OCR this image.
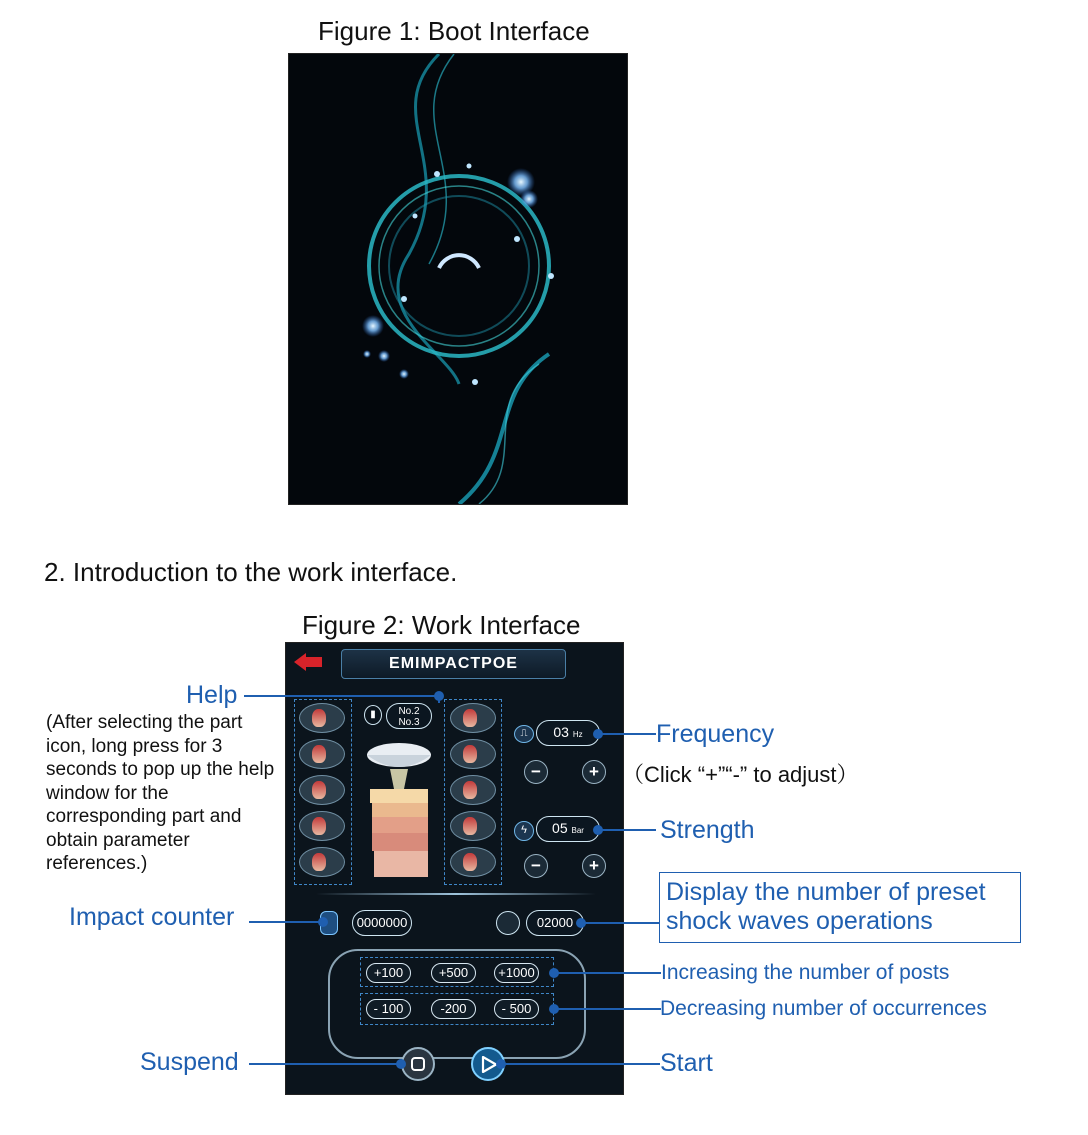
Figure 1: Boot Interface
2. Introduction to the work interface.
Figure 2: Work Interface
EMIMPACTPOE
▮	No.2
No.3
⎍	03 Hz
−	+
ϟ	05 Bar
−	+
0000000	02000
+100	+500	+1000
- 100	-200	- 500
Help
(After selecting the part icon, long press for 3 seconds to pop up the help window for the corresponding part and obtain parameter references.)
Frequency
（Click “+”“-” to adjust）
Strength
Impact counter
Display the number of preset shock waves operations
Increasing the number of posts
Decreasing number of occurrences
Suspend	Start
